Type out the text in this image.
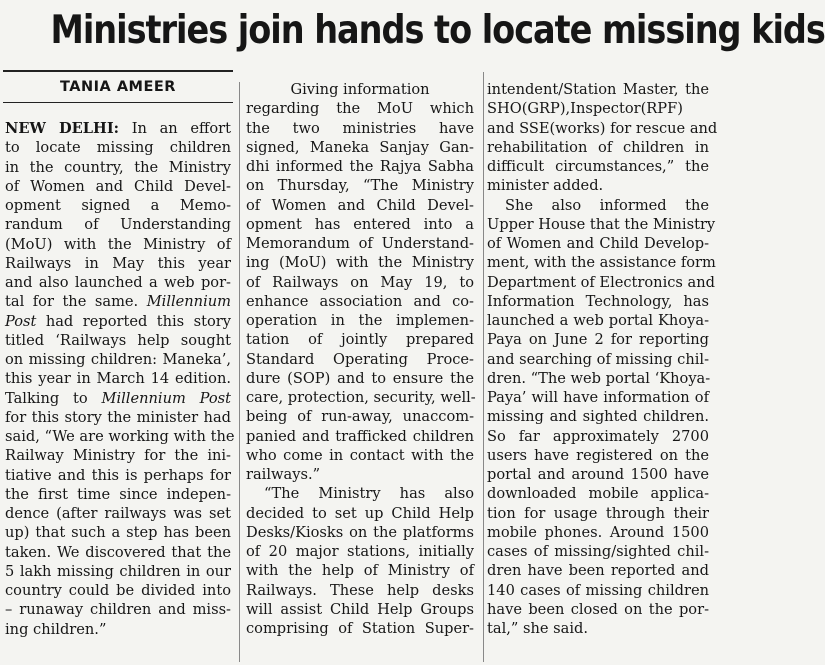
Ministries join hands to locate missing kids
TANIA AMEER
NEW DELHI: In an effort
to locate missing children
in the country, the Ministry
of Women and Child Devel-
opment signed a Memo-
randum of Understanding
(MoU) with the Ministry of
Railways in May this year
and also launched a web por-
tal for the same. Millennium
Post had reported this story
titled ‘Railways help sought
on missing children: Maneka’,
this year in March 14 edition.
Talking to Millennium Post
for this story the minister had
said, “We are working with the
Railway Ministry for the ini-
tiative and this is perhaps for
the first time since indepen-
dence (after railways was set
up) that such a step has been
taken. We discovered that the
5 lakh missing children in our
country could be divided into
– runaway children and miss-
ing children.”
Giving information
regarding the MoU which
the two ministries have
signed, Maneka Sanjay Gan-
dhi informed the Rajya Sabha
on Thursday, “The Ministry
of Women and Child Devel-
opment has entered into a
Memorandum of Understand-
ing (MoU) with the Ministry
of Railways on May 19, to
enhance association and co-
operation in the implemen-
tation of jointly prepared
Standard Operating Proce-
dure (SOP) and to ensure the
care, protection, security, well-
being of run-away, unaccom-
panied and trafficked children
who come in contact with the
railways.”
“The Ministry has also
decided to set up Child Help
Desks/Kiosks on the platforms
of 20 major stations, initially
with the help of Ministry of
Railways. These help desks
will assist Child Help Groups
comprising of Station Super-
intendent/Station Master, the
SHO(GRP),Inspector(RPF)
and SSE(works) for rescue and
rehabilitation of children in
difficult circumstances,” the
minister added.
She also informed the
Upper House that the Ministry
of Women and Child Develop-
ment, with the assistance form
Department of Electronics and
Information Technology, has
launched a web portal Khoya-
Paya on June 2 for reporting
and searching of missing chil-
dren. “The web portal ‘Khoya-
Paya’ will have information of
missing and sighted children.
So far approximately 2700
users have registered on the
portal and around 1500 have
downloaded mobile applica-
tion for usage through their
mobile phones. Around 1500
cases of missing/sighted chil-
dren have been reported and
140 cases of missing children
have been closed on the por-
tal,” she said.
